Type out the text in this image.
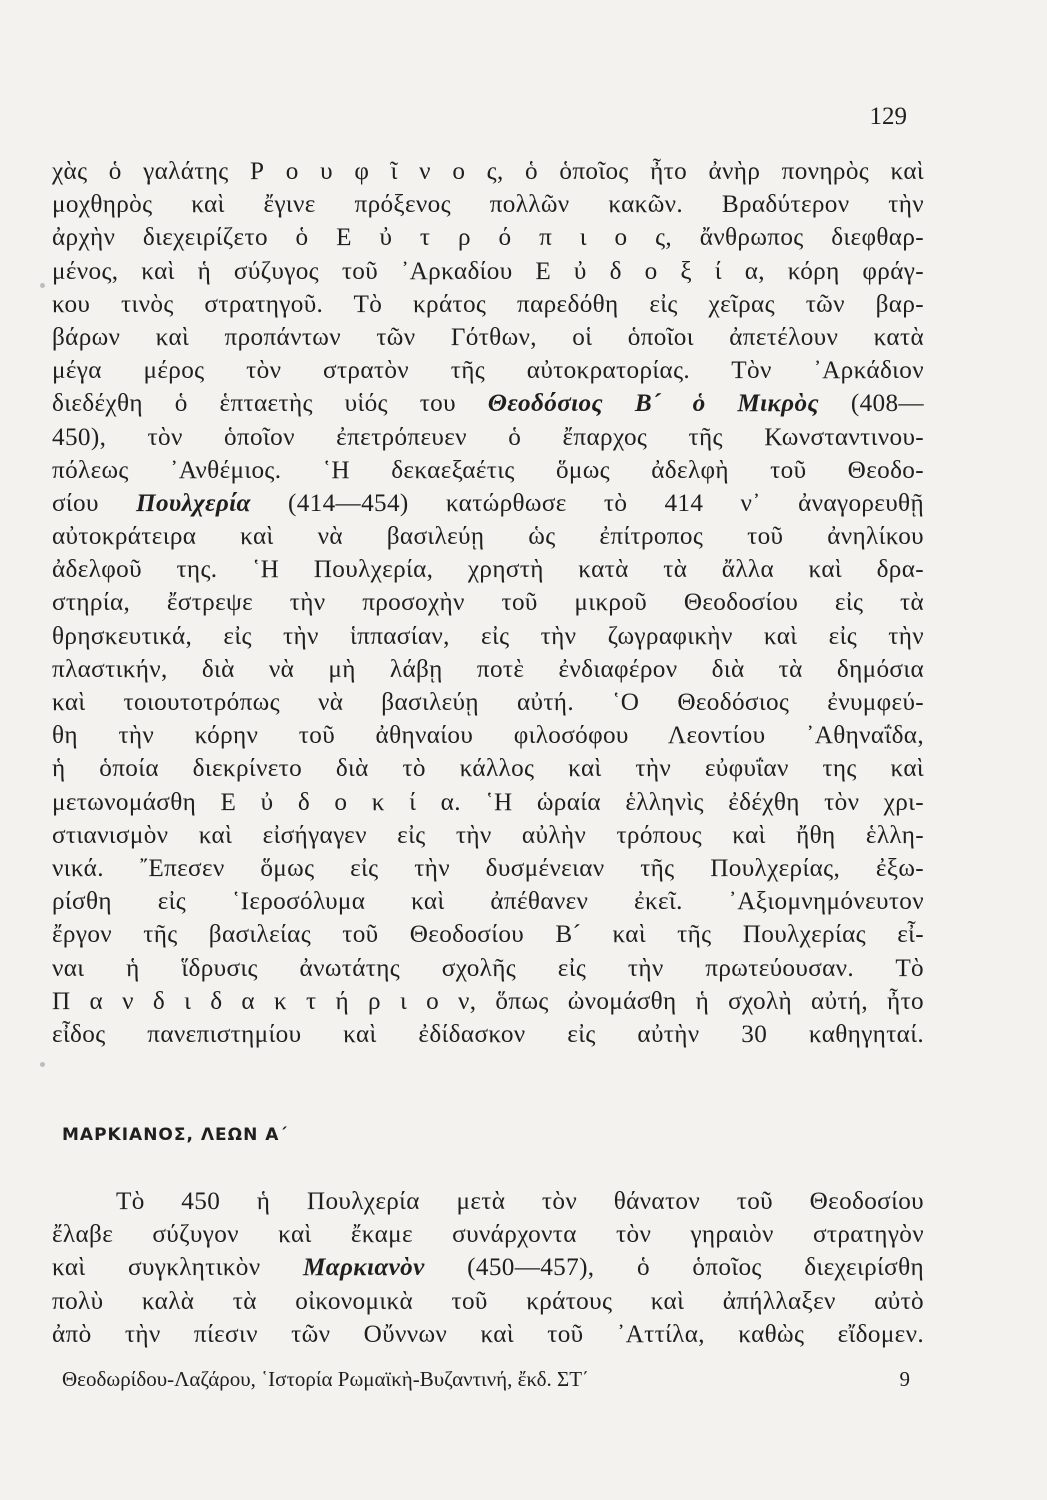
129
χὰς ὁ γαλάτης Ρ ο υ φ ῖ ν ο ς, ὁ ὁποῖος ἦτο ἀνὴρ πονηρὸς καὶ
μοχθηρὸς καὶ ἔγινε πρόξενος πολλῶν κακῶν. Βραδύτερον τὴν
ἀρχὴν διεχειρίζετο ὁ Ε ὐ τ ρ ό π ι ο ς, ἄνθρωπος διεφθαρ-
μένος, καὶ ἡ σύζυγος τοῦ ᾿Αρκαδίου Ε ὐ δ ο ξ ί α, κόρη φράγ-
κου τινὸς στρατηγοῦ. Τὸ κράτος παρεδόθη εἰς χεῖρας τῶν βαρ-
βάρων καὶ προπάντων τῶν Γότθων, οἱ ὁποῖοι ἀπετέλουν κατὰ
μέγα μέρος τὸν στρατὸν τῆς αὐτοκρατορίας. Τὸν ᾿Αρκάδιον
διεδέχθη ὁ ἑπταετὴς υἱός του Θεοδόσιος Β´ ὁ Μικρὸς (408—
450), τὸν ὁποῖον ἐπετρόπευεν ὁ ἔπαρχος τῆς Κωνσταντινου-
πόλεως ᾿Ανθέμιος. ῾Η δεκαεξαέτις ὅμως ἀδελφὴ τοῦ Θεοδο-
σίου Πουλχερία (414—454) κατώρθωσε τὸ 414 ν᾿ ἀναγορευθῇ
αὐτοκράτειρα καὶ νὰ βασιλεύῃ ὡς ἐπίτροπος τοῦ ἀνηλίκου
ἀδελφοῦ της. ῾Η Πουλχερία, χρηστὴ κατὰ τὰ ἄλλα καὶ δρα-
στηρία, ἔστρεψε τὴν προσοχὴν τοῦ μικροῦ Θεοδοσίου εἰς τὰ
θρησκευτικά, εἰς τὴν ἱππασίαν, εἰς τὴν ζωγραφικὴν καὶ εἰς τὴν
πλαστικήν, διὰ νὰ μὴ λάβῃ ποτὲ ἐνδιαφέρον διὰ τὰ δημόσια
καὶ τοιουτοτρόπως νὰ βασιλεύῃ αὐτή. ῾Ο Θεοδόσιος ἐνυμφεύ-
θη τὴν κόρην τοῦ ἀθηναίου φιλοσόφου Λεοντίου ᾿Αθηναΐδα,
ἡ ὁποία διεκρίνετο διὰ τὸ κάλλος καὶ τὴν εὐφυΐαν της καὶ
μετωνομάσθη Ε ὐ δ ο κ ί α. ῾Η ὡραία ἑλληνὶς ἐδέχθη τὸν χρι-
στιανισμὸν καὶ εἰσήγαγεν εἰς τὴν αὐλὴν τρόπους καὶ ἤθη ἑλλη-
νικά. ῎Επεσεν ὅμως εἰς τὴν δυσμένειαν τῆς Πουλχερίας, ἐξω-
ρίσθη εἰς ῾Ιεροσόλυμα καὶ ἀπέθανεν ἐκεῖ. ᾿Αξιομνημόνευτον
ἔργον τῆς βασιλείας τοῦ Θεοδοσίου Β´ καὶ τῆς Πουλχερίας εἶ-
ναι ἡ ἵδρυσις ἀνωτάτης σχολῆς εἰς τὴν πρωτεύουσαν. Τὸ
Π α ν δ ι δ α κ τ ή ρ ι ο ν, ὅπως ὠνομάσθη ἡ σχολὴ αὐτή, ἦτο
εἶδος πανεπιστημίου καὶ ἐδίδασκον εἰς αὐτὴν 30 καθηγηταί.
ΜΑΡΚΙΑΝΟΣ, ΛΕΩΝ Α΄
Τὸ 450 ἡ Πουλχερία μετὰ τὸν θάνατον τοῦ Θεοδοσίου
ἔλαβε σύζυγον καὶ ἔκαμε συνάρχοντα τὸν γηραιὸν στρατηγὸν
καὶ συγκλητικὸν Μαρκιανὸν (450—457), ὁ ὁποῖος διεχειρίσθη
πολὺ καλὰ τὰ οἰκονομικὰ τοῦ κράτους καὶ ἀπήλλαξεν αὐτὸ
ἀπὸ τὴν πίεσιν τῶν Οὔννων καὶ τοῦ ᾿Αττίλα, καθὼς εἴδομεν.
Θεοδωρίδου-Λαζάρου, ῾Ιστορία Ρωμαϊκὴ-Βυζαντινή, ἔκδ. ΣΤ΄	9
